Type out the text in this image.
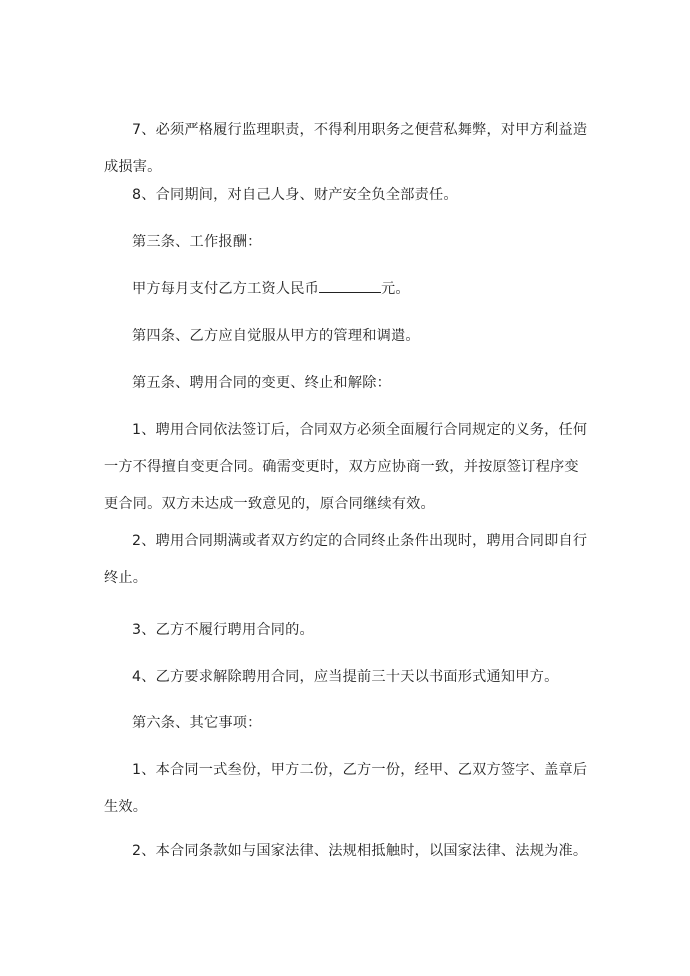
7、必须严格履行监理职责，不得利用职务之便营私舞弊，对甲方利益造成损害。
8、合同期间，对自己人身、财产安全负全部责任。
第三条、工作报酬：
甲方每月支付乙方工资人民币	元。
第四条、乙方应自觉服从甲方的管理和调遣。
第五条、聘用合同的变更、终止和解除：
1、聘用合同依法签订后，合同双方必须全面履行合同规定的义务，任何一方不得擅自变更合同。确需变更时，双方应协商一致，并按原签订程序变更合同。双方未达成一致意见的，原合同继续有效。
2、聘用合同期满或者双方约定的合同终止条件出现时，聘用合同即自行终止。
3、乙方不履行聘用合同的。
4、乙方要求解除聘用合同，应当提前三十天以书面形式通知甲方。
第六条、其它事项：
1、本合同一式叁份，甲方二份，乙方一份，经甲、乙双方签字、盖章后生效。
2、本合同条款如与国家法律、法规相抵触时，以国家法律、法规为准。
